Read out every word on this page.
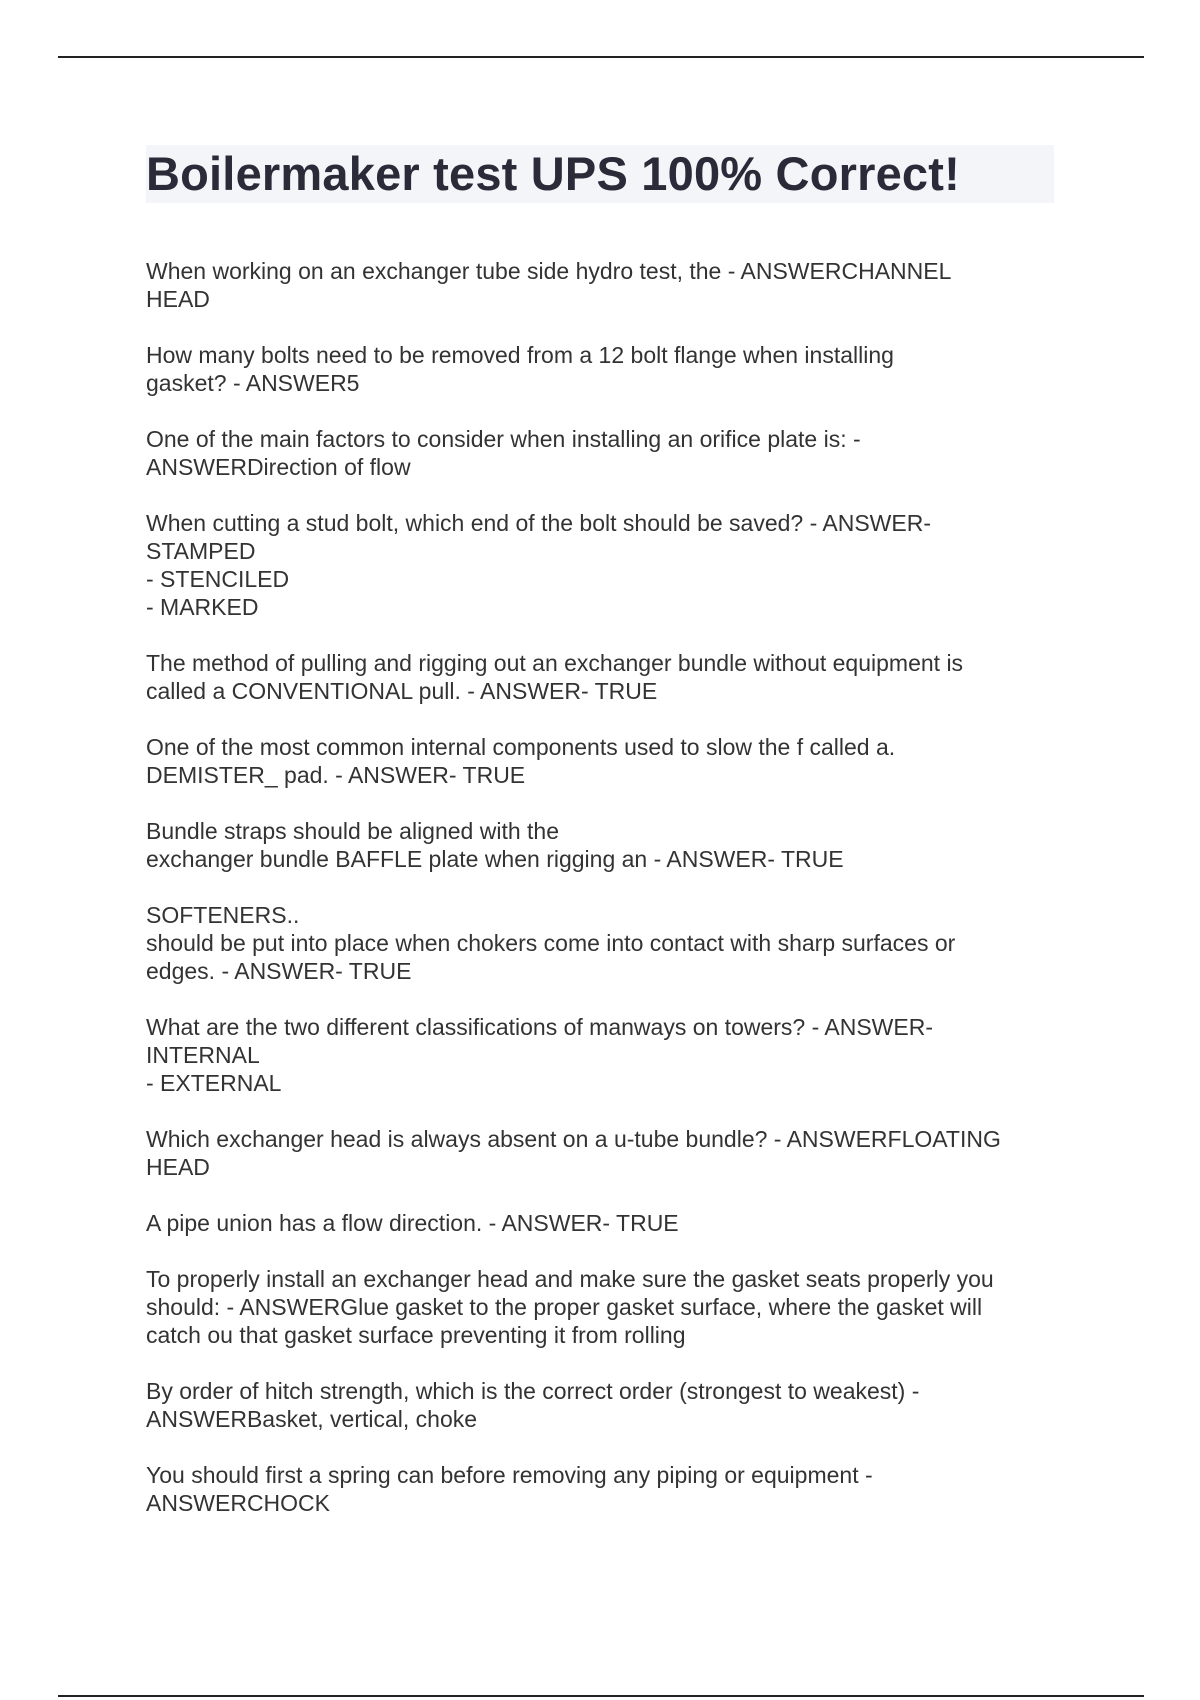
Boilermaker test UPS 100% Correct!

When working on an exchanger tube side hydro test, the - ANSWERCHANNEL
HEAD

How many bolts need to be removed from a 12 bolt flange when installing
gasket? - ANSWER5

One of the main factors to consider when installing an orifice plate is: -
ANSWERDirection of flow

When cutting a stud bolt, which end of the bolt should be saved? - ANSWER-
STAMPED
- STENCILED
- MARKED

The method of pulling and rigging out an exchanger bundle without equipment is
called a CONVENTIONAL pull. - ANSWER- TRUE

One of the most common internal components used to slow the f called a.
DEMISTER_ pad. - ANSWER- TRUE

Bundle straps should be aligned with the
exchanger bundle BAFFLE plate when rigging an - ANSWER- TRUE

SOFTENERS..
should be put into place when chokers come into contact with sharp surfaces or
edges. - ANSWER- TRUE

What are the two different classifications of manways on towers? - ANSWER-
INTERNAL
- EXTERNAL

Which exchanger head is always absent on a u-tube bundle? - ANSWERFLOATING
HEAD

A pipe union has a flow direction. - ANSWER- TRUE

To properly install an exchanger head and make sure the gasket seats properly you
should: - ANSWERGlue gasket to the proper gasket surface, where the gasket will
catch ou that gasket surface preventing it from rolling

By order of hitch strength, which is the correct order (strongest to weakest) -
ANSWERBasket, vertical, choke

You should first a spring can before removing any piping or equipment -
ANSWERCHOCK
